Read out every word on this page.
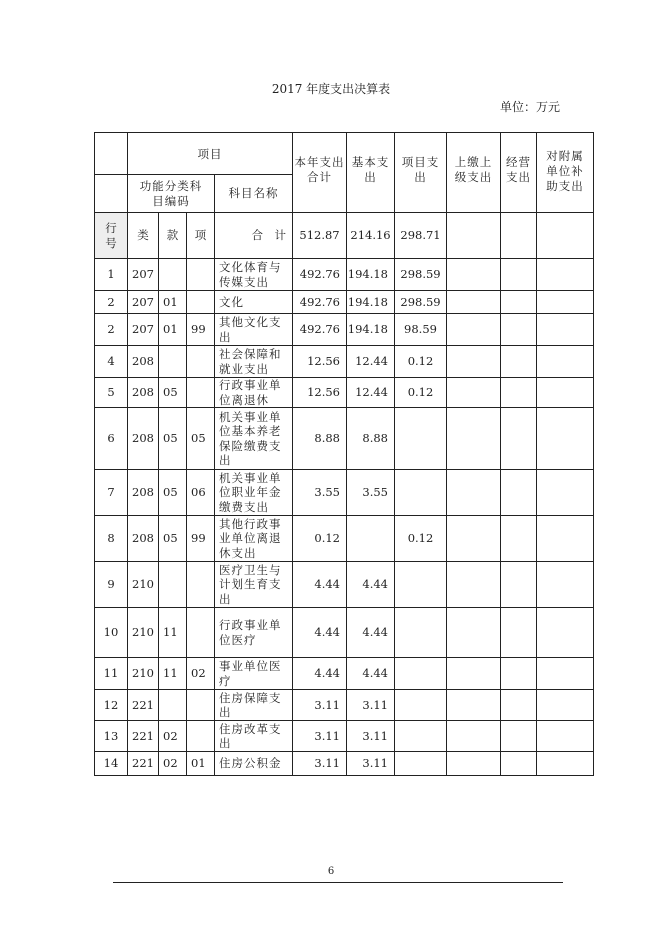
2017 年度支出决算表
单位：万元
	项目				本年支出合计	基本支出	项目支出	上缴上级支出	经营支出	对附属单位补助支出
	功能分类科目编码			科目名称						
行号	类	款	项	合　计	512.87	214.16	298.71			
1	207			文化体育与传媒支出	492.76	194.18	298.59			
2	207	01		文化	492.76	194.18	298.59			
2	207	01	99	其他文化支出	492.76	194.18	98.59			
4	208			社会保障和就业支出	12.56	12.44	0.12			
5	208	05		行政事业单位离退休	12.56	12.44	0.12			
6	208	05	05	机关事业单位基本养老保险缴费支出	8.88	8.88				
7	208	05	06	机关事业单位职业年金缴费支出	3.55	3.55				
8	208	05	99	其他行政事业单位离退休支出	0.12		0.12			
9	210			医疗卫生与计划生育支出	4.44	4.44				
10	210	11		行政事业单位医疗	4.44	4.44				
11	210	11	02	事业单位医疗	4.44	4.44				
12	221			住房保障支出	3.11	3.11				
13	221	02		住房改革支出	3.11	3.11				
14	221	02	01	住房公积金	3.11	3.11				
6
